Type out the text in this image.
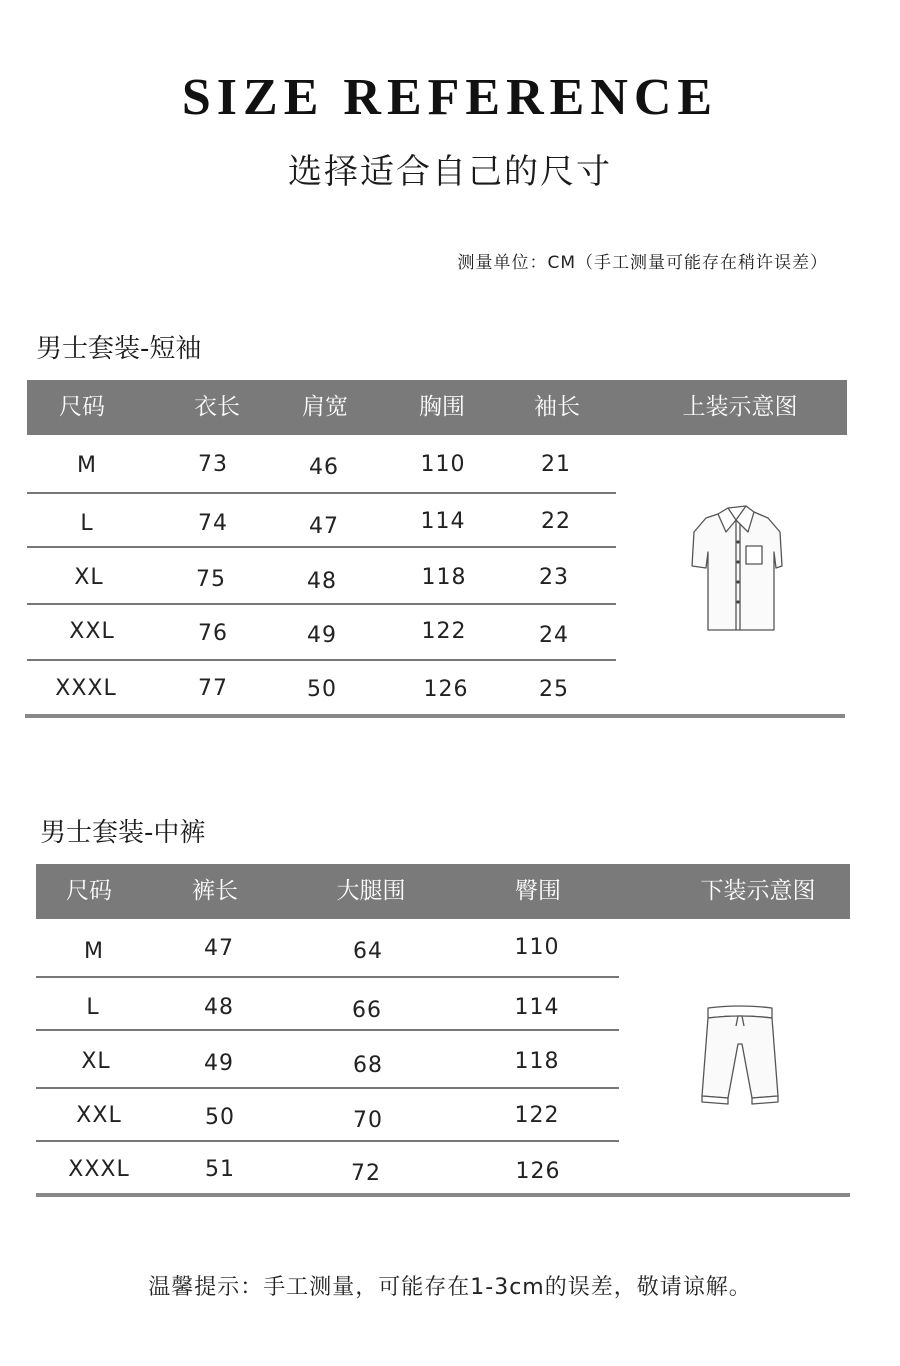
SIZE REFERENCE
选择适合自己的尺寸
测量单位：CM（手工测量可能存在稍许误差）
男士套装-短袖
尺码	衣长	肩宽	胸围	袖长	上装示意图
M	73	46	110	21
L	74	47	114	22
XL	75	48	118	23
XXL	76	49	122	24
XXXL	77	50	126	25
男士套装-中裤
尺码	裤长	大腿围	臀围	下装示意图
M	47	64	110
L	48	66	114
XL	49	68	118
XXL	50	70	122
XXXL	51	72	126
温馨提示：手工测量，可能存在1-3cm的误差，敬请谅解。
